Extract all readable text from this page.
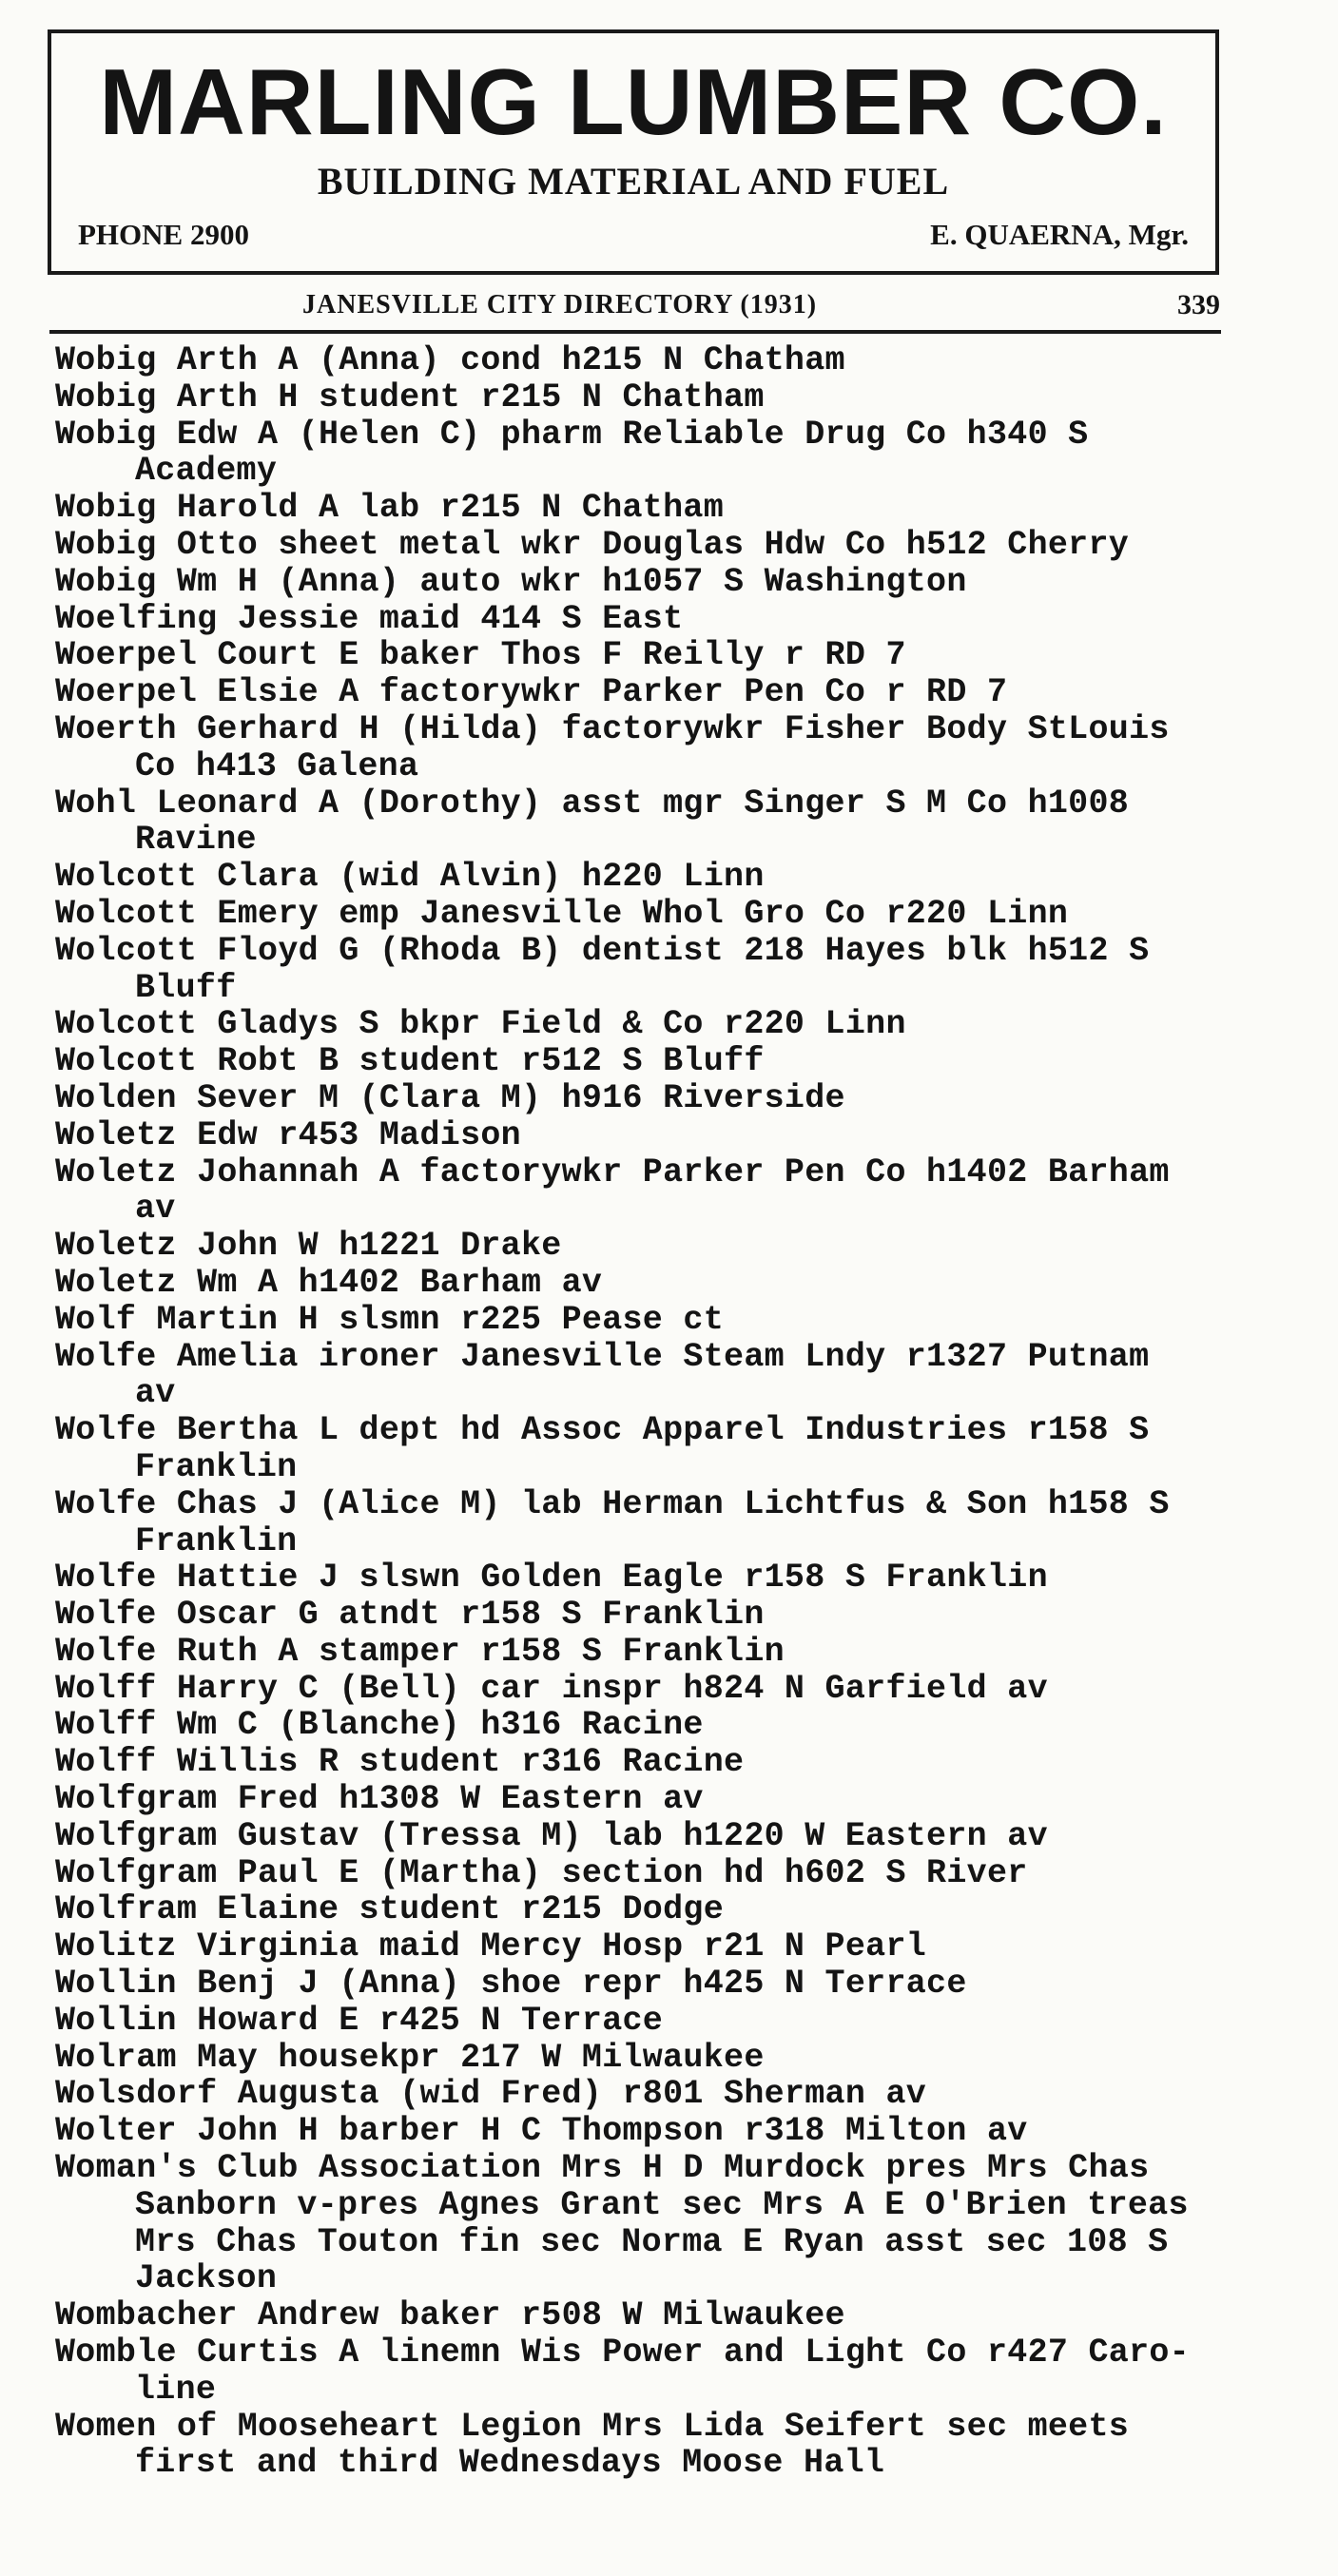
MARLING LUMBER CO.
BUILDING MATERIAL AND FUEL
PHONE 2900	E. QUAERNA, Mgr.
JANESVILLE CITY DIRECTORY (1931)	339
Wobig Arth A (Anna) cond h215 N Chatham
Wobig Arth H student r215 N Chatham
Wobig Edw A (Helen C) pharm Reliable Drug Co h340 S
Academy
Wobig Harold A lab r215 N Chatham
Wobig Otto sheet metal wkr Douglas Hdw Co h512 Cherry
Wobig Wm H (Anna) auto wkr h1057 S Washington
Woelfing Jessie maid 414 S East
Woerpel Court E baker Thos F Reilly r RD 7
Woerpel Elsie A factorywkr Parker Pen Co r RD 7
Woerth Gerhard H (Hilda) factorywkr Fisher Body StLouis
Co h413 Galena
Wohl Leonard A (Dorothy) asst mgr Singer S M Co h1008
Ravine
Wolcott Clara (wid Alvin) h220 Linn
Wolcott Emery emp Janesville Whol Gro Co r220 Linn
Wolcott Floyd G (Rhoda B) dentist 218 Hayes blk h512 S
Bluff
Wolcott Gladys S bkpr Field & Co r220 Linn
Wolcott Robt B student r512 S Bluff
Wolden Sever M (Clara M) h916 Riverside
Woletz Edw r453 Madison
Woletz Johannah A factorywkr Parker Pen Co h1402 Barham
av
Woletz John W h1221 Drake
Woletz Wm A h1402 Barham av
Wolf Martin H slsmn r225 Pease ct
Wolfe Amelia ironer Janesville Steam Lndy r1327 Putnam
av
Wolfe Bertha L dept hd Assoc Apparel Industries r158 S
Franklin
Wolfe Chas J (Alice M) lab Herman Lichtfus & Son h158 S
Franklin
Wolfe Hattie J slswn Golden Eagle r158 S Franklin
Wolfe Oscar G atndt r158 S Franklin
Wolfe Ruth A stamper r158 S Franklin
Wolff Harry C (Bell) car inspr h824 N Garfield av
Wolff Wm C (Blanche) h316 Racine
Wolff Willis R student r316 Racine
Wolfgram Fred h1308 W Eastern av
Wolfgram Gustav (Tressa M) lab h1220 W Eastern av
Wolfgram Paul E (Martha) section hd h602 S River
Wolfram Elaine student r215 Dodge
Wolitz Virginia maid Mercy Hosp r21 N Pearl
Wollin Benj J (Anna) shoe repr h425 N Terrace
Wollin Howard E r425 N Terrace
Wolram May housekpr 217 W Milwaukee
Wolsdorf Augusta (wid Fred) r801 Sherman av
Wolter John H barber H C Thompson r318 Milton av
Woman's Club Association Mrs H D Murdock pres Mrs Chas
Sanborn v-pres Agnes Grant sec Mrs A E O'Brien treas
Mrs Chas Touton fin sec Norma E Ryan asst sec 108 S
Jackson
Wombacher Andrew baker r508 W Milwaukee
Womble Curtis A linemn Wis Power and Light Co r427 Caro-
line
Women of Mooseheart Legion Mrs Lida Seifert sec meets
first and third Wednesdays Moose Hall
